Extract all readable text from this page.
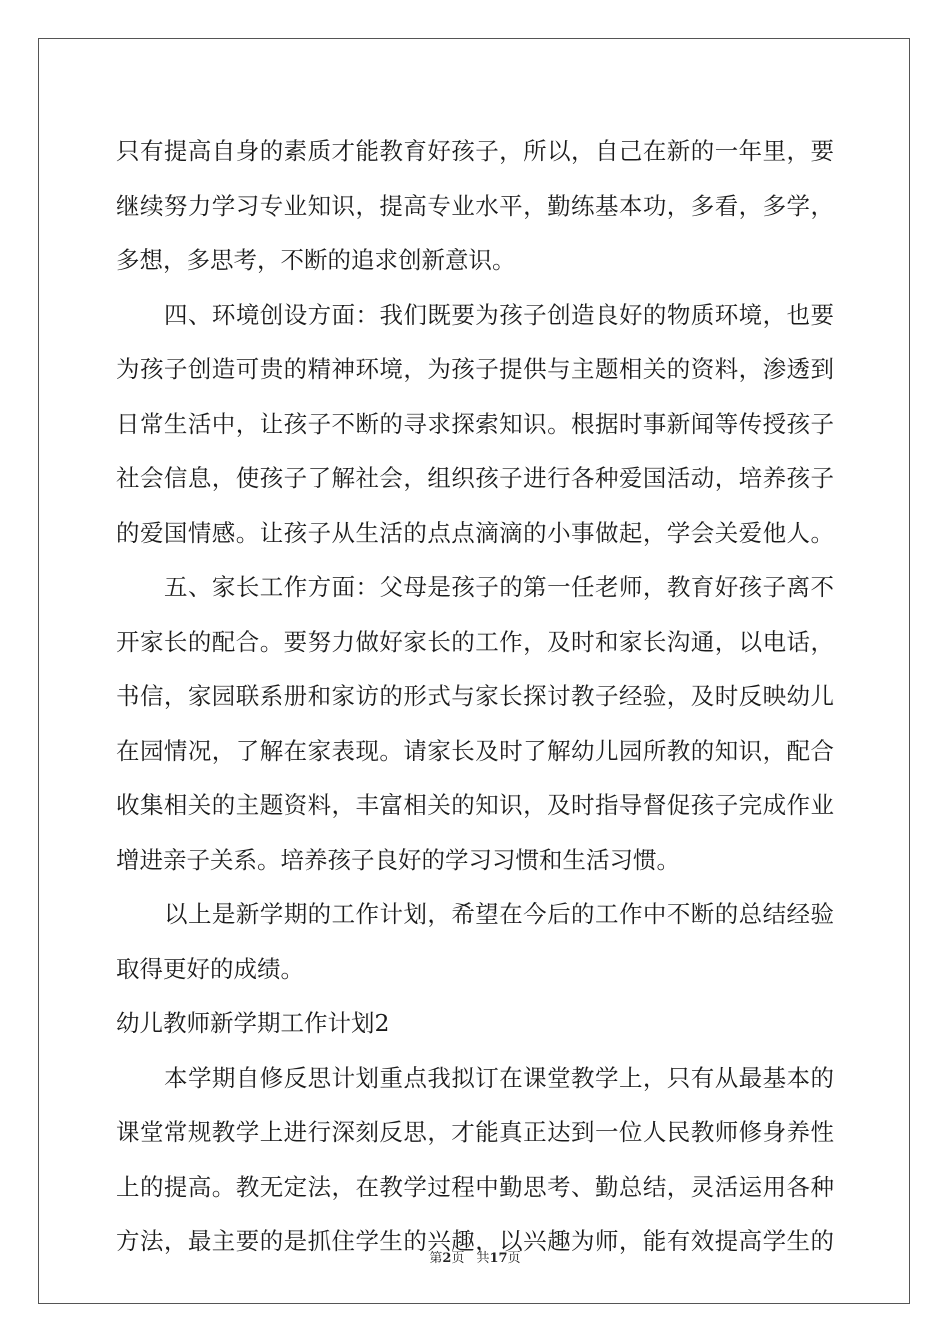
只有提高自身的素质才能教育好孩子，所以，自己在新的一年里，要
继续努力学习专业知识，提高专业水平，勤练基本功，多看，多学，
多想，多思考，不断的追求创新意识。
四、环境创设方面：我们既要为孩子创造良好的物质环境，也要
为孩子创造可贵的精神环境，为孩子提供与主题相关的资料，渗透到
日常生活中，让孩子不断的寻求探索知识。根据时事新闻等传授孩子
社会信息，使孩子了解社会，组织孩子进行各种爱国活动，培养孩子
的爱国情感。让孩子从生活的点点滴滴的小事做起，学会关爱他人。
五、家长工作方面：父母是孩子的第一任老师，教育好孩子离不
开家长的配合。要努力做好家长的工作，及时和家长沟通，以电话，
书信，家园联系册和家访的形式与家长探讨教子经验，及时反映幼儿
在园情况，了解在家表现。请家长及时了解幼儿园所教的知识，配合
收集相关的主题资料，丰富相关的知识，及时指导督促孩子完成作业
增进亲子关系。培养孩子良好的学习习惯和生活习惯。
以上是新学期的工作计划，希望在今后的工作中不断的总结经验
取得更好的成绩。
幼儿教师新学期工作计划2
本学期自修反思计划重点我拟订在课堂教学上，只有从最基本的
课堂常规教学上进行深刻反思，才能真正达到一位人民教师修身养性
上的提高。教无定法，在教学过程中勤思考、勤总结，灵活运用各种
方法，最主要的是抓住学生的兴趣，以兴趣为师，能有效提高学生的
第2页 共17页
